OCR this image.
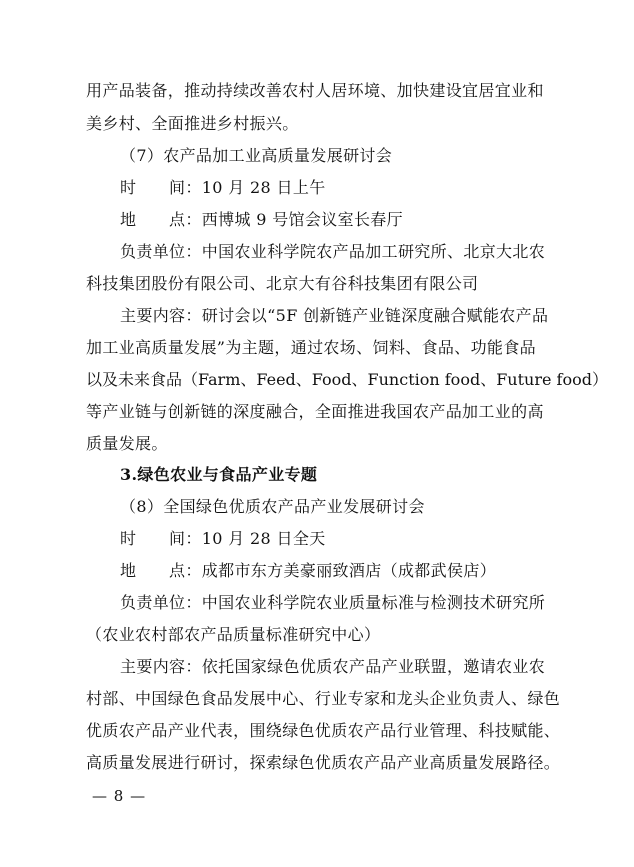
用产品装备，推动持续改善农村人居环境、加快建设宜居宜业和
美乡村、全面推进乡村振兴。
（7）农产品加工业高质量发展研讨会
时　　间：10 月 28 日上午
地　　点：西博城 9 号馆会议室长春厅
负责单位：中国农业科学院农产品加工研究所、北京大北农
科技集团股份有限公司、北京大有谷科技集团有限公司
主要内容：研讨会以“5F 创新链产业链深度融合赋能农产品
加工业高质量发展”为主题，通过农场、饲料、食品、功能食品
以及未来食品（Farm、Feed、Food、Function food、Future food）
等产业链与创新链的深度融合，全面推进我国农产品加工业的高
质量发展。
3.绿色农业与食品产业专题
（8）全国绿色优质农产品产业发展研讨会
时　　间：10 月 28 日全天
地　　点：成都市东方美豪丽致酒店（成都武侯店）
负责单位：中国农业科学院农业质量标准与检测技术研究所
（农业农村部农产品质量标准研究中心）
主要内容：依托国家绿色优质农产品产业联盟，邀请农业农
村部、中国绿色食品发展中心、行业专家和龙头企业负责人、绿色
优质农产品产业代表，围绕绿色优质农产品行业管理、科技赋能、
高质量发展进行研讨，探索绿色优质农产品产业高质量发展路径。
— 8 —
